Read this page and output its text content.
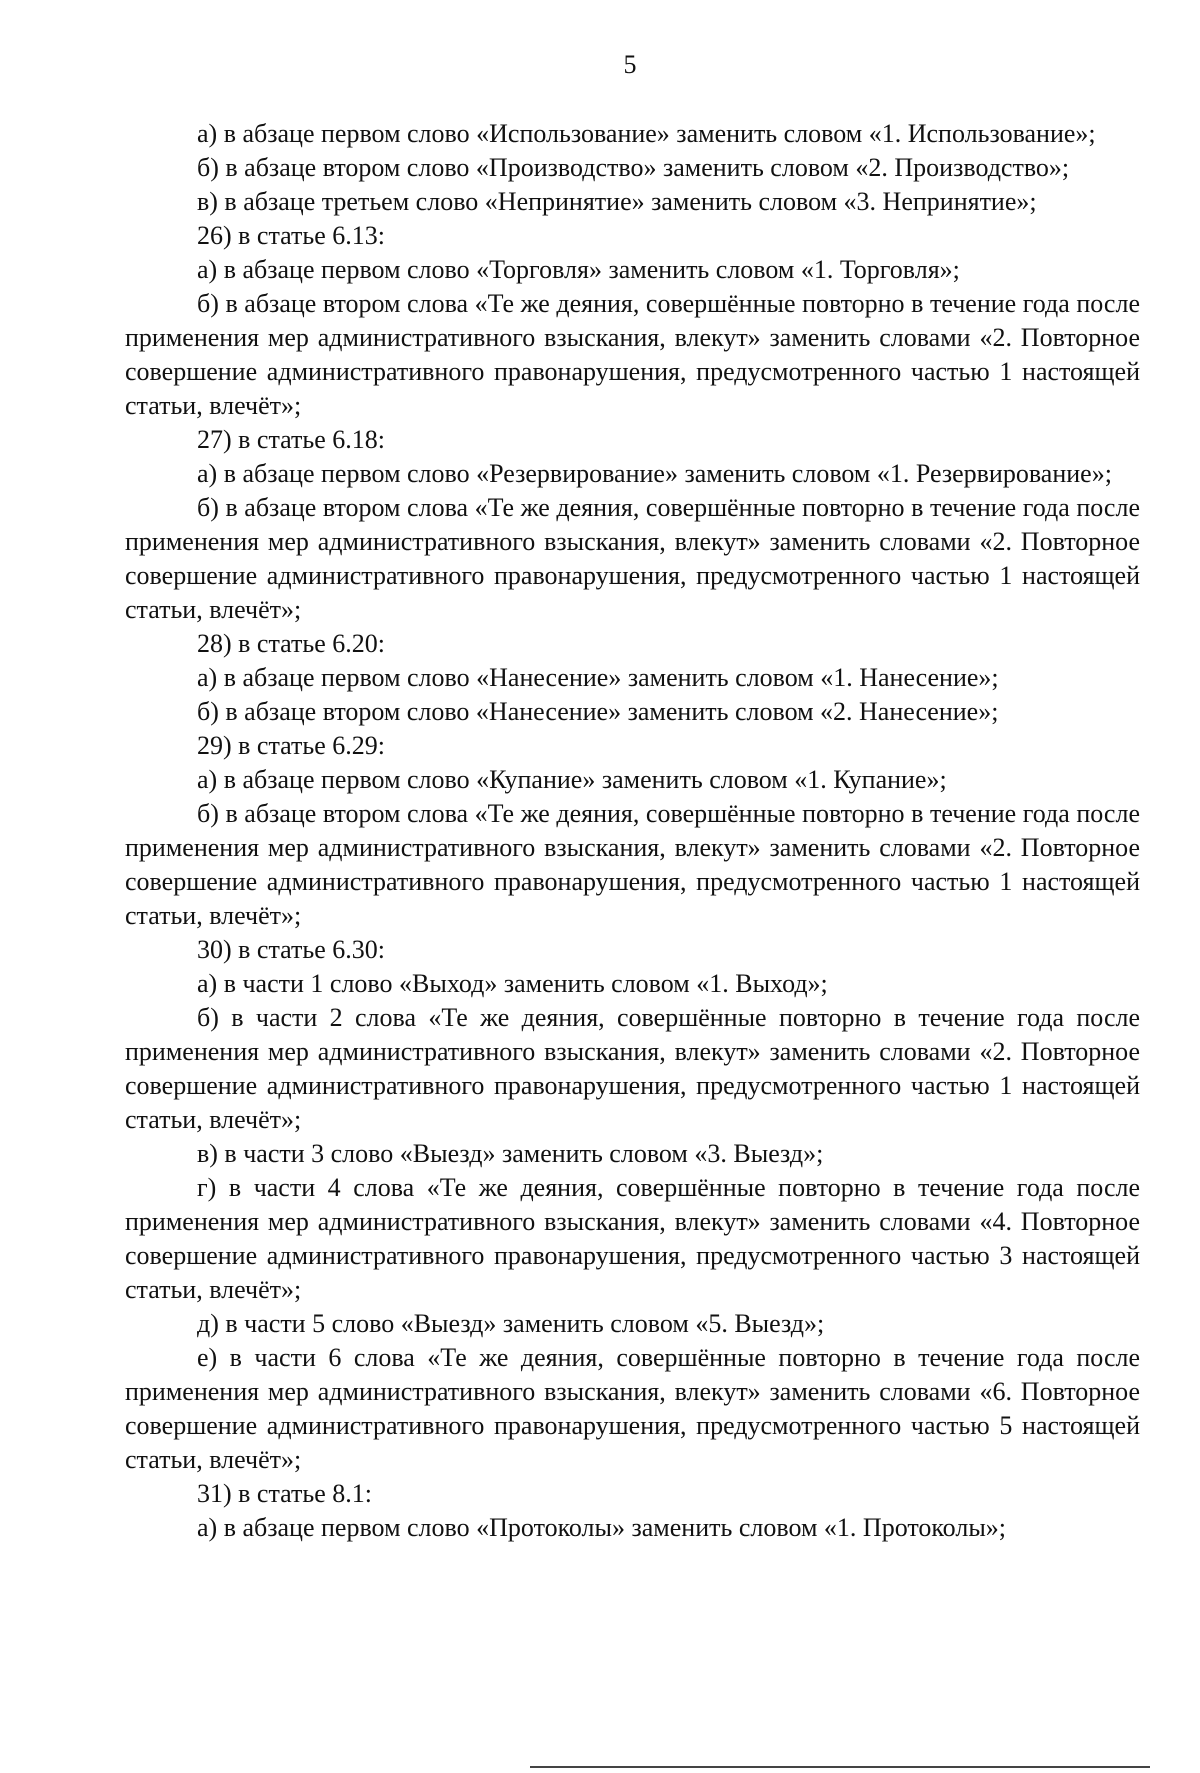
5

а) в абзаце первом слово «Использование» заменить словом «1. Использование»;

б) в абзаце втором слово «Производство» заменить словом «2. Производство»;

в) в абзаце третьем слово «Непринятие» заменить словом «3. Непринятие»;

26) в статье 6.13:

а) в абзаце первом слово «Торговля» заменить словом «1. Торговля»;

б) в абзаце втором слова «Те же деяния, совершённые повторно в течение года после применения мер административного взыскания, влекут» заменить словами «2. Повторное совершение административного правонарушения, предусмотренного частью 1 настоящей статьи, влечёт»;

27) в статье 6.18:

а) в абзаце первом слово «Резервирование» заменить словом «1. Резервирование»;

б) в абзаце втором слова «Те же деяния, совершённые повторно в течение года после применения мер административного взыскания, влекут» заменить словами «2. Повторное совершение административного правонарушения, предусмотренного частью 1 настоящей статьи, влечёт»;

28) в статье 6.20:

а) в абзаце первом слово «Нанесение» заменить словом «1. Нанесение»;

б) в абзаце втором слово «Нанесение» заменить словом «2. Нанесение»;

29) в статье 6.29:

а) в абзаце первом слово «Купание» заменить словом «1. Купание»;

б) в абзаце втором слова «Те же деяния, совершённые повторно в течение года после применения мер административного взыскания, влекут» заменить словами «2. Повторное совершение административного правонарушения, предусмотренного частью 1 настоящей статьи, влечёт»;

30) в статье 6.30:

а) в части 1 слово «Выход» заменить словом «1. Выход»;

б) в части 2 слова «Те же деяния, совершённые повторно в течение года после применения мер административного взыскания, влекут» заменить словами «2. Повторное совершение административного правонарушения, предусмотренного частью 1 настоящей статьи, влечёт»;

в) в части 3 слово «Выезд» заменить словом «3. Выезд»;

г) в части 4 слова «Те же деяния, совершённые повторно в течение года после применения мер административного взыскания, влекут» заменить словами «4. Повторное совершение административного правонарушения, предусмотренного частью 3 настоящей статьи, влечёт»;

д) в части 5 слово «Выезд» заменить словом «5. Выезд»;

е) в части 6 слова «Те же деяния, совершённые повторно в течение года после применения мер административного взыскания, влекут» заменить словами «6. Повторное совершение административного правонарушения, предусмотренного частью 5 настоящей статьи, влечёт»;

31) в статье 8.1:

а) в абзаце первом слово «Протоколы» заменить словом «1. Протоколы»;
